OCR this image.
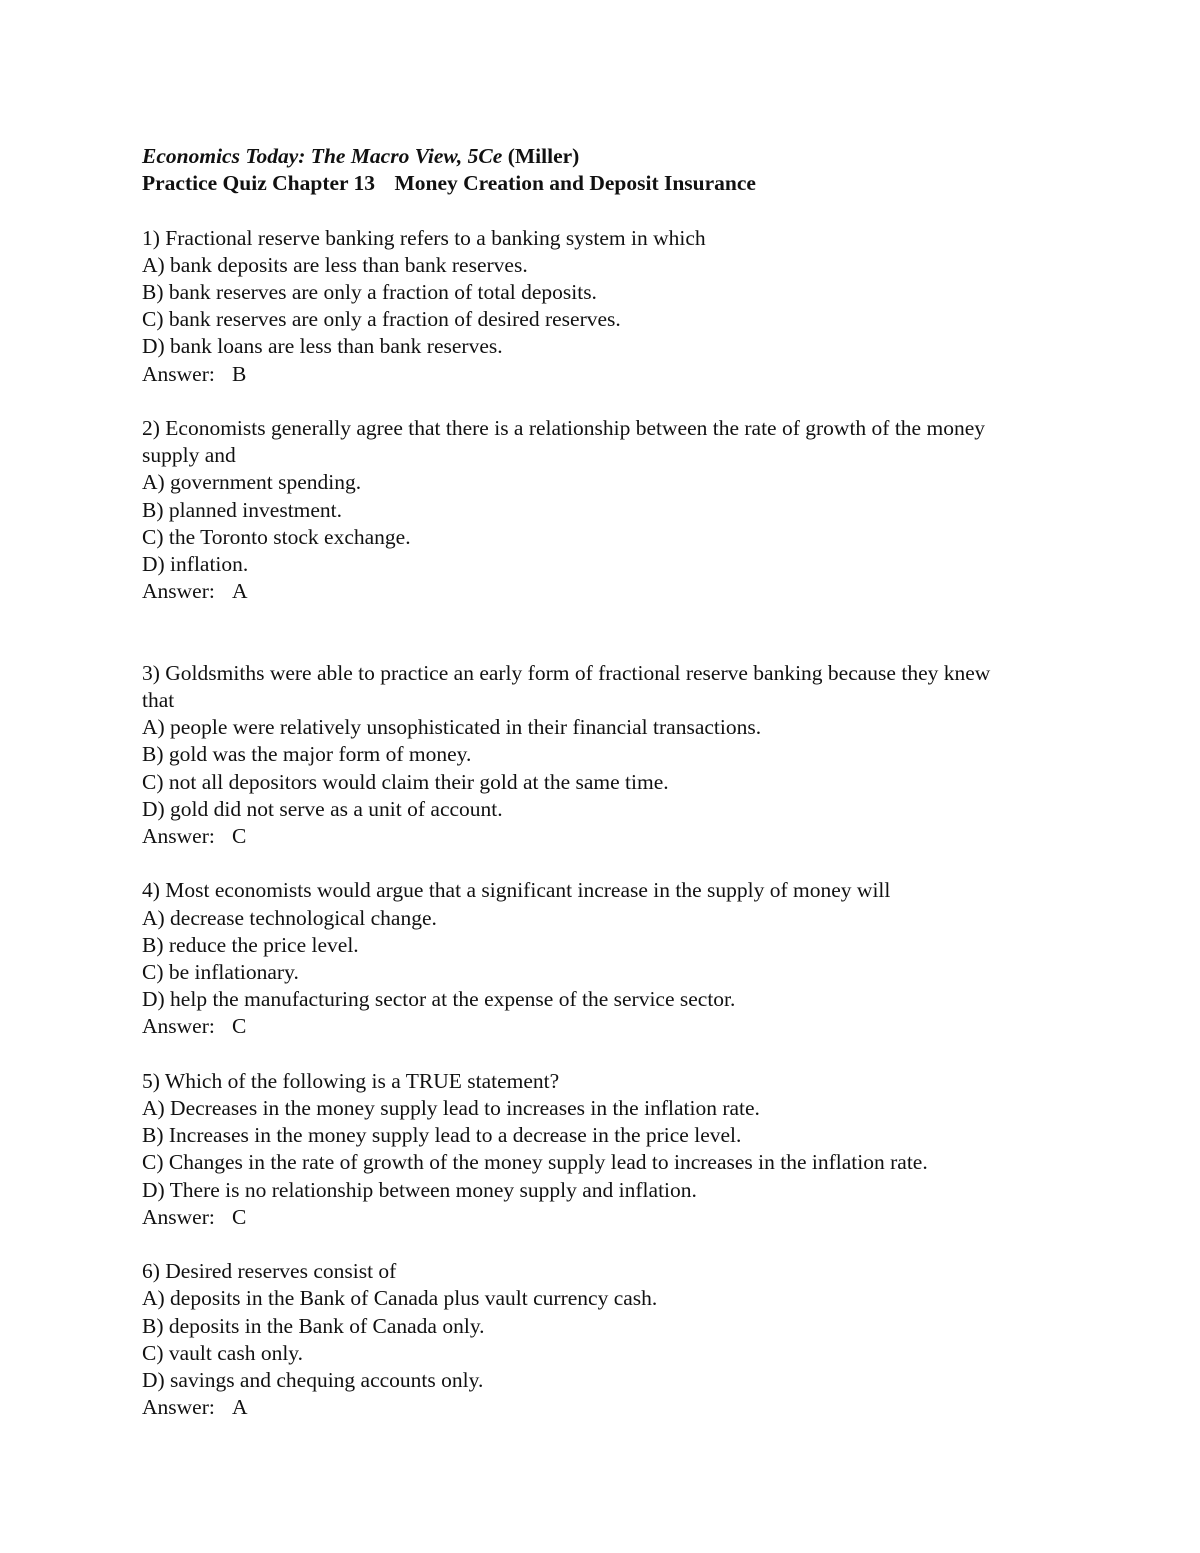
Economics Today: The Macro View, 5Ce (Miller)

Practice Quiz Chapter 13 Money Creation and Deposit Insurance

1) Fractional reserve banking refers to a banking system in which

A) bank deposits are less than bank reserves.

B) bank reserves are only a fraction of total deposits.

C) bank reserves are only a fraction of desired reserves.

D) bank loans are less than bank reserves.

Answer: B

2) Economists generally agree that there is a relationship between the rate of growth of the money supply and

A) government spending.

B) planned investment.

C) the Toronto stock exchange.

D) inflation.

Answer: A

3) Goldsmiths were able to practice an early form of fractional reserve banking because they knew that

A) people were relatively unsophisticated in their financial transactions.

B) gold was the major form of money.

C) not all depositors would claim their gold at the same time.

D) gold did not serve as a unit of account.

Answer: C

4) Most economists would argue that a significant increase in the supply of money will

A) decrease technological change.

B) reduce the price level.

C) be inflationary.

D) help the manufacturing sector at the expense of the service sector.

Answer: C

5) Which of the following is a TRUE statement?

A) Decreases in the money supply lead to increases in the inflation rate.

B) Increases in the money supply lead to a decrease in the price level.

C) Changes in the rate of growth of the money supply lead to increases in the inflation rate.

D) There is no relationship between money supply and inflation.

Answer: C

6) Desired reserves consist of

A) deposits in the Bank of Canada plus vault currency cash.

B) deposits in the Bank of Canada only.

C) vault cash only.

D) savings and chequing accounts only.

Answer: A
